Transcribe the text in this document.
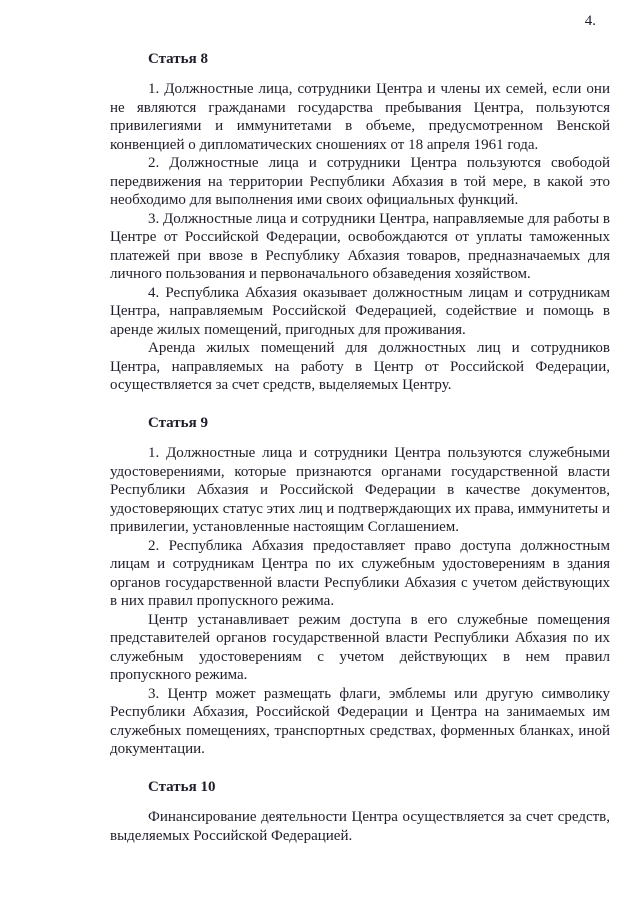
4.
Статья 8

1. Должностные лица, сотрудники Центра и члены их семей, если они не являются гражданами государства пребывания Центра, пользуются привилегиями и иммунитетами в объеме, предусмотренном Венской конвенцией о дипломатических сношениях от 18 апреля 1961 года.

2. Должностные лица и сотрудники Центра пользуются свободой передвижения на территории Республики Абхазия в той мере, в какой это необходимо для выполнения ими своих официальных функций.

3. Должностные лица и сотрудники Центра, направляемые для работы в Центре от Российской Федерации, освобождаются от уплаты таможенных платежей при ввозе в Республику Абхазия товаров, предназначаемых для личного пользования и первоначального обзаведения хозяйством.

4. Республика Абхазия оказывает должностным лицам и сотрудникам Центра, направляемым Российской Федерацией, содействие и помощь в аренде жилых помещений, пригодных для проживания.

Аренда жилых помещений для должностных лиц и сотрудников Центра, направляемых на работу в Центр от Российской Федерации, осуществляется за счет средств, выделяемых Центру.

Статья 9

1. Должностные лица и сотрудники Центра пользуются служебными удостоверениями, которые признаются органами государственной власти Республики Абхазия и Российской Федерации в качестве документов, удостоверяющих статус этих лиц и подтверждающих их права, иммунитеты и привилегии, установленные настоящим Соглашением.

2. Республика Абхазия предоставляет право доступа должностным лицам и сотрудникам Центра по их служебным удостоверениям в здания органов государственной власти Республики Абхазия с учетом действующих в них правил пропускного режима.

Центр устанавливает режим доступа в его служебные помещения представителей органов государственной власти Республики Абхазия по их служебным удостоверениям с учетом действующих в нем правил пропускного режима.

3. Центр может размещать флаги, эмблемы или другую символику Республики Абхазия, Российской Федерации и Центра на занимаемых им служебных помещениях, транспортных средствах, форменных бланках, иной документации.

Статья 10

Финансирование деятельности Центра осуществляется за счет средств, выделяемых Российской Федерацией.
